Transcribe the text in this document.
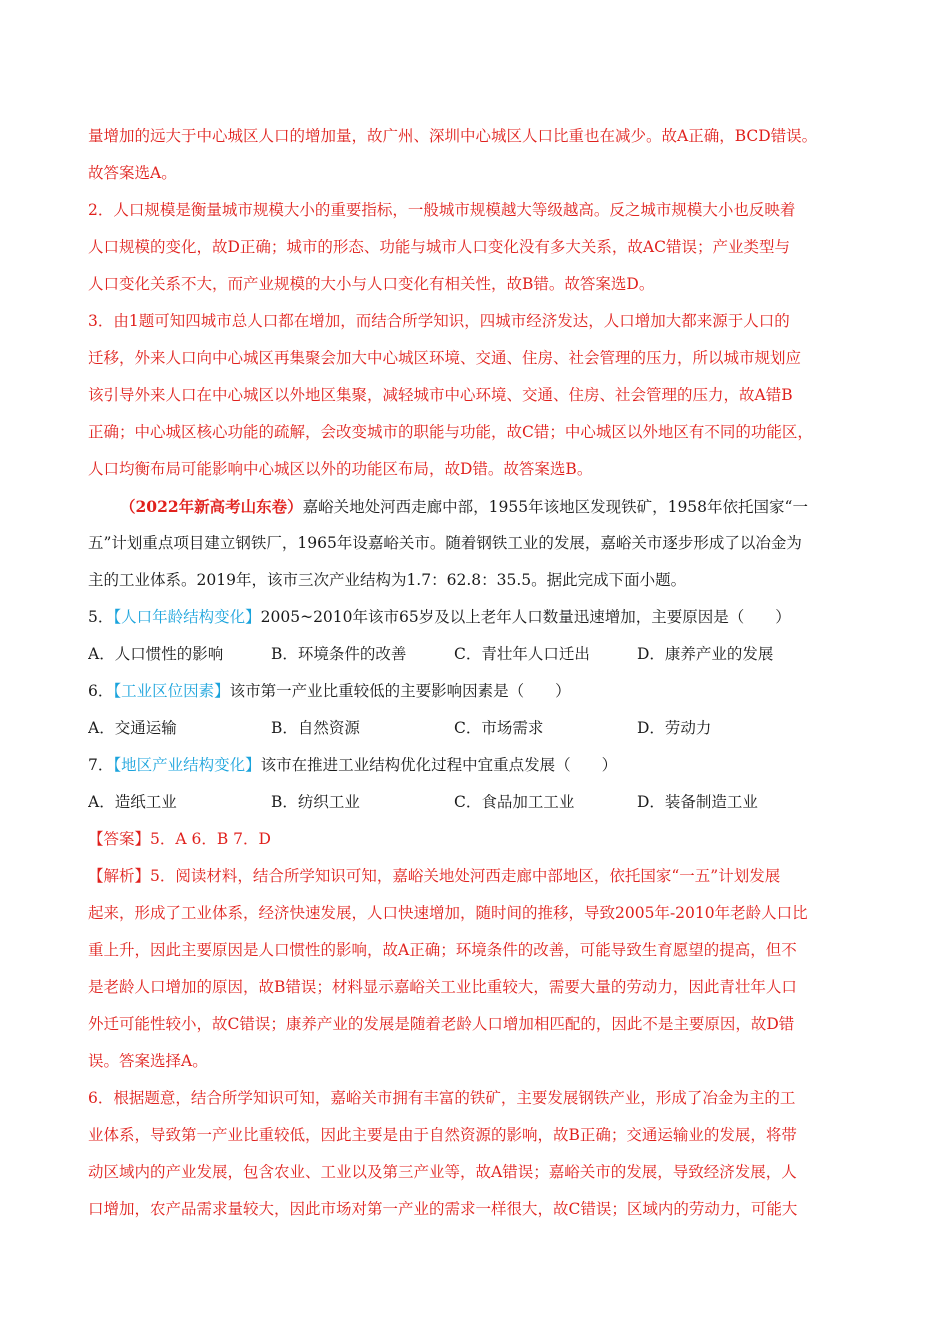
量增加的远大于中心城区人口的增加量，故广州、深圳中心城区人口比重也在减少。故A正确，BCD错误。
故答案选A。
2．人口规模是衡量城市规模大小的重要指标，一般城市规模越大等级越高。反之城市规模大小也反映着
人口规模的变化，故D正确；城市的形态、功能与城市人口变化没有多大关系，故AC错误；产业类型与
人口变化关系不大，而产业规模的大小与人口变化有相关性，故B错。故答案选D。
3．由1题可知四城市总人口都在增加，而结合所学知识，四城市经济发达，人口增加大都来源于人口的
迁移，外来人口向中心城区再集聚会加大中心城区环境、交通、住房、社会管理的压力，所以城市规划应
该引导外来人口在中心城区以外地区集聚，减轻城市中心环境、交通、住房、社会管理的压力，故A错B
正确；中心城区核心功能的疏解，会改变城市的职能与功能，故C错；中心城区以外地区有不同的功能区，
人口均衡布局可能影响中心城区以外的功能区布局，故D错。故答案选B。
（2022年新高考山东卷）嘉峪关地处河西走廊中部，1955年该地区发现铁矿，1958年依托国家“一
五”计划重点项目建立钢铁厂，1965年设嘉峪关市。随着钢铁工业的发展，嘉峪关市逐步形成了以冶金为
主的工业体系。2019年，该市三次产业结构为1.7：62.8：35.5。据此完成下面小题。
5．【人口年龄结构变化】2005~2010年该市65岁及以上老年人口数量迅速增加，主要原因是（　　）
A．人口惯性的影响	B．环境条件的改善	C．青壮年人口迁出	D．康养产业的发展
6．【工业区位因素】该市第一产业比重较低的主要影响因素是（　　）
A．交通运输	B．自然资源	C．市场需求	D．劳动力
7．【地区产业结构变化】该市在推进工业结构优化过程中宜重点发展（　　）
A．造纸工业	B．纺织工业	C．食品加工工业	D．装备制造工业
【答案】5．A 6．B 7．D
【解析】5．阅读材料，结合所学知识可知，嘉峪关地处河西走廊中部地区，依托国家“一五”计划发展
起来，形成了工业体系，经济快速发展，人口快速增加，随时间的推移，导致2005年-2010年老龄人口比
重上升，因此主要原因是人口惯性的影响，故A正确；环境条件的改善，可能导致生育愿望的提高，但不
是老龄人口增加的原因，故B错误；材料显示嘉峪关工业比重较大，需要大量的劳动力，因此青壮年人口
外迁可能性较小，故C错误；康养产业的发展是随着老龄人口增加相匹配的，因此不是主要原因，故D错
误。答案选择A。
6．根据题意，结合所学知识可知，嘉峪关市拥有丰富的铁矿，主要发展钢铁产业，形成了冶金为主的工
业体系，导致第一产业比重较低，因此主要是由于自然资源的影响，故B正确；交通运输业的发展，将带
动区域内的产业发展，包含农业、工业以及第三产业等，故A错误；嘉峪关市的发展，导致经济发展，人
口增加，农产品需求量较大，因此市场对第一产业的需求一样很大，故C错误；区域内的劳动力，可能大
